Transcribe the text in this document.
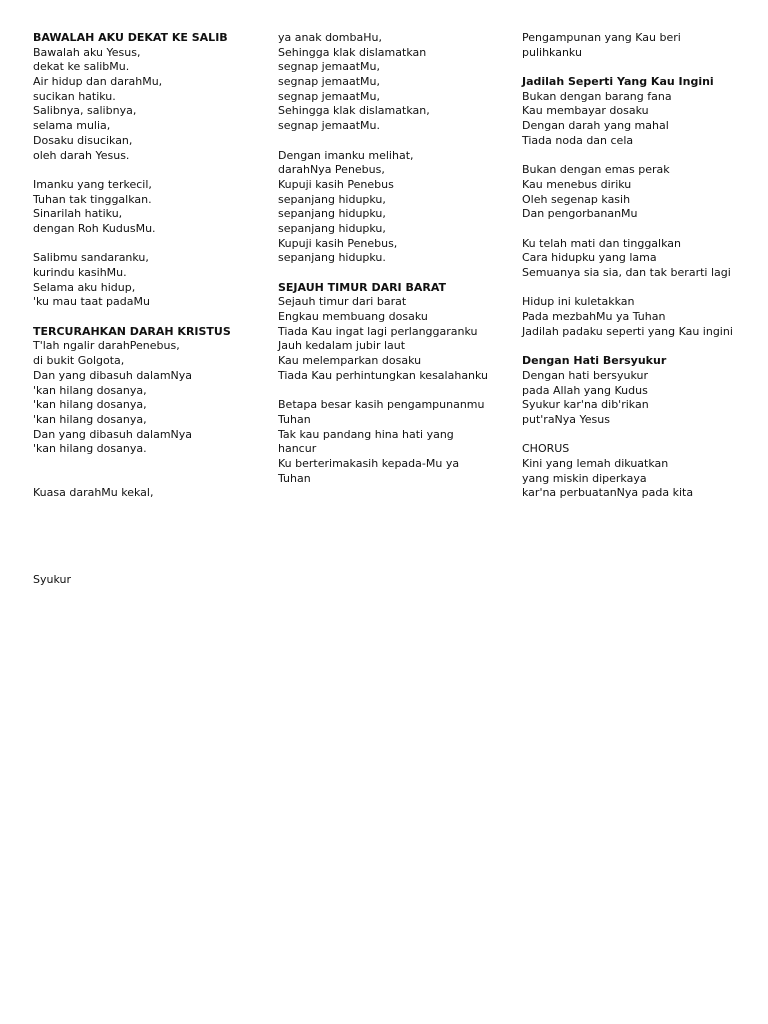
BAWALAH AKU DEKAT KE SALIB
Bawalah aku Yesus,
dekat ke salibMu.
Air hidup dan darahMu,
sucikan hatiku.
Salibnya, salibnya,
selama mulia,
Dosaku disucikan,
oleh darah Yesus.
Imanku yang terkecil,
Tuhan tak tinggalkan.
Sinarilah hatiku,
dengan Roh KudusMu.
Salibmu sandaranku,
kurindu kasihMu.
Selama aku hidup,
'ku mau taat padaMu
TERCURAHKAN DARAH KRISTUS
T'lah ngalir darahPenebus,
di bukit Golgota,
Dan yang dibasuh dalamNya
'kan hilang dosanya,
'kan hilang dosanya,
'kan hilang dosanya,
Dan yang dibasuh dalamNya
'kan hilang dosanya.
Kuasa darahMu kekal,
Syukur
ya anak dombaHu,
Sehingga klak dislamatkan
segnap jemaatMu,
segnap jemaatMu,
segnap jemaatMu,
Sehingga klak dislamatkan,
segnap jemaatMu.
Dengan imanku melihat,
darahNya Penebus,
Kupuji kasih Penebus
sepanjang hidupku,
sepanjang hidupku,
sepanjang hidupku,
Kupuji kasih Penebus,
sepanjang hidupku.
SEJAUH TIMUR DARI BARAT
Sejauh timur dari barat
Engkau membuang dosaku
Tiada Kau ingat lagi perlanggaranku
Jauh kedalam jubir laut
Kau melemparkan dosaku
Tiada Kau perhintungkan kesalahanku
Betapa besar kasih pengampunanmu Tuhan
Tak kau pandang hina hati yang hancur
Ku berterimakasih kepada-Mu ya Tuhan
Pengampunan yang Kau beri
pulihkanku
Jadilah Seperti Yang Kau Ingini
Bukan dengan barang fana
Kau membayar dosaku
Dengan darah yang mahal
Tiada noda dan cela
Bukan dengan emas perak
Kau menebus diriku
Oleh segenap kasih
Dan pengorbananMu
Ku telah mati dan tinggalkan
Cara hidupku yang lama
Semuanya sia sia, dan tak berarti lagi
Hidup ini kuletakkan
Pada mezbahMu ya Tuhan
Jadilah padaku seperti yang Kau ingini
Dengan Hati Bersyukur
Dengan hati bersyukur
pada Allah yang Kudus
Syukur kar'na dib'rikan
put'raNya Yesus
CHORUS
Kini yang lemah dikuatkan
yang miskin diperkaya
kar'na perbuatanNya pada kita
